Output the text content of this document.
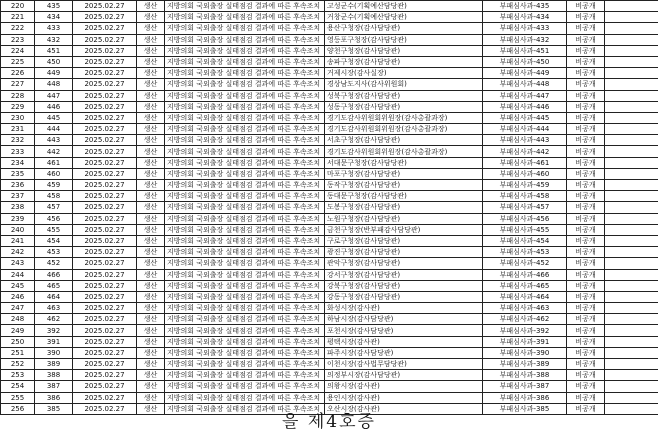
220	435	2025.02.27	생산	지방의회 국외출장 실태점검 결과에 따른 후속조치	고성군수(기획예산담당관)	부패심사과-435	비공개	
221	434	2025.02.27	생산	지방의회 국외출장 실태점검 결과에 따른 후속조치	거창군수(기획예산담당관)	부패심사과-434	비공개	
222	433	2025.02.27	생산	지방의회 국외출장 실태점검 결과에 따른 후속조치	용산구청장(감사담당관)	부패심사과-433	비공개	
223	432	2025.02.27	생산	지방의회 국외출장 실태점검 결과에 따른 후속조치	영등포구청장(감사담당관)	부패심사과-432	비공개	
224	451	2025.02.27	생산	지방의회 국외출장 실태점검 결과에 따른 후속조치	양천구청장(감사담당관)	부패심사과-451	비공개	
225	450	2025.02.27	생산	지방의회 국외출장 실태점검 결과에 따른 후속조치	송파구청장(감사담당관)	부패심사과-450	비공개	
226	449	2025.02.27	생산	지방의회 국외출장 실태점검 결과에 따른 후속조치	거제시장(감사실장)	부패심사과-449	비공개	
227	448	2025.02.27	생산	지방의회 국외출장 실태점검 결과에 따른 후속조치	경상남도지사(감사위원회)	부패심사과-448	비공개	
228	447	2025.02.27	생산	지방의회 국외출장 실태점검 결과에 따른 후속조치	성북구청장(감사담당관)	부패심사과-447	비공개	
229	446	2025.02.27	생산	지방의회 국외출장 실태점검 결과에 따른 후속조치	성동구청장(감사담당관)	부패심사과-446	비공개	
230	445	2025.02.27	생산	지방의회 국외출장 실태점검 결과에 따른 후속조치	경기도감사위원회위원장(감사총괄과장)	부패심사과-445	비공개	
231	444	2025.02.27	생산	지방의회 국외출장 실태점검 결과에 따른 후속조치	경기도감사위원회위원장(감사총괄과장)	부패심사과-444	비공개	
232	443	2025.02.27	생산	지방의회 국외출장 실태점검 결과에 따른 후속조치	서초구청장(감사담당관)	부패심사과-443	비공개	
233	442	2025.02.27	생산	지방의회 국외출장 실태점검 결과에 따른 후속조치	경기도감사위원회위원장(감사총괄과장)	부패심사과-442	비공개	
234	461	2025.02.27	생산	지방의회 국외출장 실태점검 결과에 따른 후속조치	서대문구청장(감사담당관)	부패심사과-461	비공개	
235	460	2025.02.27	생산	지방의회 국외출장 실태점검 결과에 따른 후속조치	마포구청장(감사담당관)	부패심사과-460	비공개	
236	459	2025.02.27	생산	지방의회 국외출장 실태점검 결과에 따른 후속조치	동작구청장(감사담당관)	부패심사과-459	비공개	
237	458	2025.02.27	생산	지방의회 국외출장 실태점검 결과에 따른 후속조치	동대문구청장(감사담당관)	부패심사과-458	비공개	
238	457	2025.02.27	생산	지방의회 국외출장 실태점검 결과에 따른 후속조치	도봉구청장(감사담당관)	부패심사과-457	비공개	
239	456	2025.02.27	생산	지방의회 국외출장 실태점검 결과에 따른 후속조치	노원구청장(감사담당관)	부패심사과-456	비공개	
240	455	2025.02.27	생산	지방의회 국외출장 실태점검 결과에 따른 후속조치	금천구청장(반부패감사담당관)	부패심사과-455	비공개	
241	454	2025.02.27	생산	지방의회 국외출장 실태점검 결과에 따른 후속조치	구로구청장(감사담당관)	부패심사과-454	비공개	
242	453	2025.02.27	생산	지방의회 국외출장 실태점검 결과에 따른 후속조치	광진구청장(감사담당관)	부패심사과-453	비공개	
243	452	2025.02.27	생산	지방의회 국외출장 실태점검 결과에 따른 후속조치	관악구청장(감사담당관)	부패심사과-452	비공개	
244	466	2025.02.27	생산	지방의회 국외출장 실태점검 결과에 따른 후속조치	강서구청장(감사담당관)	부패심사과-466	비공개	
245	465	2025.02.27	생산	지방의회 국외출장 실태점검 결과에 따른 후속조치	강북구청장(감사담당관)	부패심사과-465	비공개	
246	464	2025.02.27	생산	지방의회 국외출장 실태점검 결과에 따른 후속조치	강동구청장(감사담당관)	부패심사과-464	비공개	
247	463	2025.02.27	생산	지방의회 국외출장 실태점검 결과에 따른 후속조치	화성시장(감사관)	부패심사과-463	비공개	
248	462	2025.02.27	생산	지방의회 국외출장 실태점검 결과에 따른 후속조치	하남시장(감사담당관)	부패심사과-462	비공개	
249	392	2025.02.27	생산	지방의회 국외출장 실태점검 결과에 따른 후속조치	포천시장(감사담당관)	부패심사과-392	비공개	
250	391	2025.02.27	생산	지방의회 국외출장 실태점검 결과에 따른 후속조치	평택시장(감사관)	부패심사과-391	비공개	
251	390	2025.02.27	생산	지방의회 국외출장 실태점검 결과에 따른 후속조치	파주시장(감사담당관)	부패심사과-390	비공개	
252	389	2025.02.27	생산	지방의회 국외출장 실태점검 결과에 따른 후속조치	이천시장(감사법무담당관)	부패심사과-389	비공개	
253	388	2025.02.27	생산	지방의회 국외출장 실태점검 결과에 따른 후속조치	의정부시장(감사담당관)	부패심사과-388	비공개	
254	387	2025.02.27	생산	지방의회 국외출장 실태점검 결과에 따른 후속조치	의왕시장(감사관)	부패심사과-387	비공개	
255	386	2025.02.27	생산	지방의회 국외출장 실태점검 결과에 따른 후속조치	용인시장(감사관)	부패심사과-386	비공개	
256	385	2025.02.27	생산	지방의회 국외출장 실태점검 결과에 따른 후속조치	오산시장(감사관)	부패심사과-385	비공개	
을 제4호증
